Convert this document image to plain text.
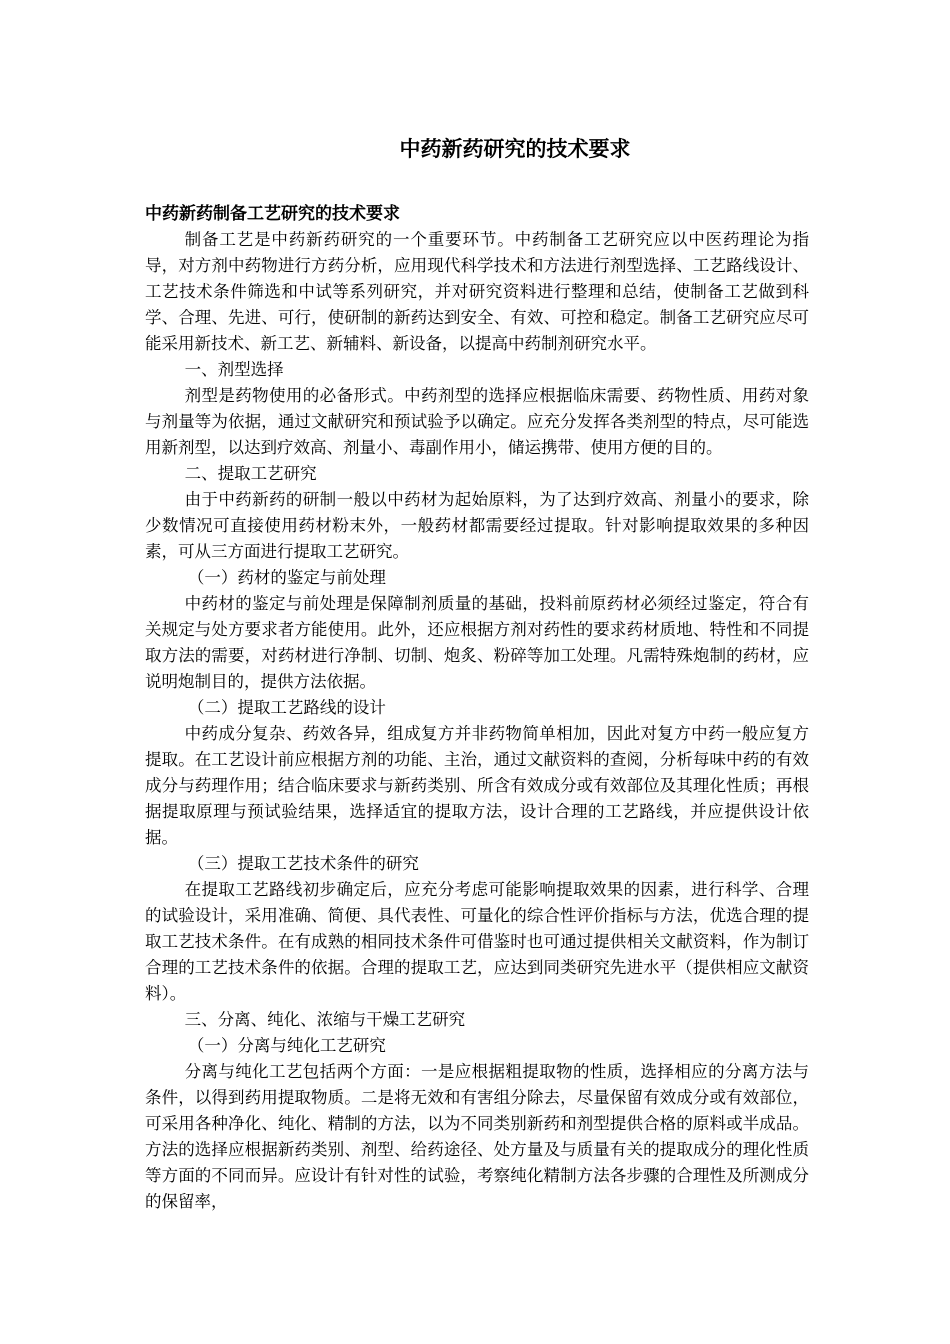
中药新药研究的技术要求
中药新药制备工艺研究的技术要求

制备工艺是中药新药研究的一个重要环节。中药制备工艺研究应以中医药理论为指导，对方剂中药物进行方药分析，应用现代科学技术和方法进行剂型选择、工艺路线设计、工艺技术条件筛选和中试等系列研究，并对研究资料进行整理和总结，使制备工艺做到科学、合理、先进、可行，使研制的新药达到安全、有效、可控和稳定。制备工艺研究应尽可能采用新技术、新工艺、新辅料、新设备，以提高中药制剂研究水平。

一、剂型选择

剂型是药物使用的必备形式。中药剂型的选择应根据临床需要、药物性质、用药对象与剂量等为依据，通过文献研究和预试验予以确定。应充分发挥各类剂型的特点，尽可能选用新剂型，以达到疗效高、剂量小、毒副作用小，储运携带、使用方便的目的。

二、提取工艺研究

由于中药新药的研制一般以中药材为起始原料，为了达到疗效高、剂量小的要求，除少数情况可直接使用药材粉末外，一般药材都需要经过提取。针对影响提取效果的多种因素，可从三方面进行提取工艺研究。

（一）药材的鉴定与前处理

中药材的鉴定与前处理是保障制剂质量的基础，投料前原药材必须经过鉴定，符合有关规定与处方要求者方能使用。此外，还应根据方剂对药性的要求药材质地、特性和不同提取方法的需要，对药材进行净制、切制、炮炙、粉碎等加工处理。凡需特殊炮制的药材，应说明炮制目的，提供方法依据。

（二）提取工艺路线的设计

中药成分复杂、药效各异，组成复方并非药物简单相加，因此对复方中药一般应复方提取。在工艺设计前应根据方剂的功能、主治，通过文献资料的查阅，分析每味中药的有效成分与药理作用；结合临床要求与新药类别、所含有效成分或有效部位及其理化性质；再根据提取原理与预试验结果，选择适宜的提取方法，设计合理的工艺路线，并应提供设计依据。

（三）提取工艺技术条件的研究

在提取工艺路线初步确定后，应充分考虑可能影响提取效果的因素，进行科学、合理的试验设计，采用准确、简便、具代表性、可量化的综合性评价指标与方法，优选合理的提取工艺技术条件。在有成熟的相同技术条件可借鉴时也可通过提供相关文献资料，作为制订合理的工艺技术条件的依据。合理的提取工艺，应达到同类研究先进水平（提供相应文献资料）。

三、分离、纯化、浓缩与干燥工艺研究

（一）分离与纯化工艺研究

分离与纯化工艺包括两个方面：一是应根据粗提取物的性质，选择相应的分离方法与条件，以得到药用提取物质。二是将无效和有害组分除去，尽量保留有效成分或有效部位，可采用各种净化、纯化、精制的方法，以为不同类别新药和剂型提供合格的原料或半成品。方法的选择应根据新药类别、剂型、给药途径、处方量及与质量有关的提取成分的理化性质等方面的不同而异。应设计有针对性的试验，考察纯化精制方法各步骤的合理性及所测成分的保留率，
